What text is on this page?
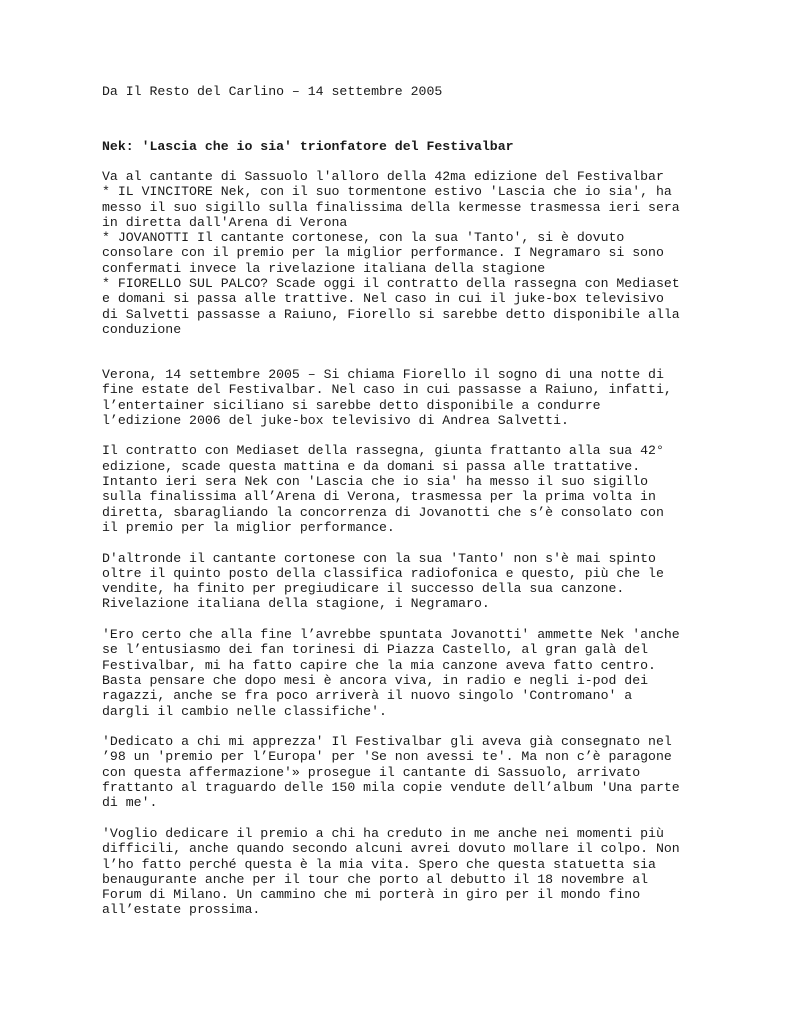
Da Il Resto del Carlino – 14 settembre 2005

Nek: 'Lascia che io sia' trionfatore del Festivalbar
Va al cantante di Sassuolo l'alloro della 42ma edizione del Festivalbar
* IL VINCITORE Nek, con il suo tormentone estivo 'Lascia che io sia', ha
messo il suo sigillo sulla finalissima della kermesse trasmessa ieri sera
in diretta dall'Arena di Verona
* JOVANOTTI Il cantante cortonese, con la sua 'Tanto', si è dovuto
consolare con il premio per la miglior performance. I Negramaro si sono
confermati invece la rivelazione italiana della stagione
* FIORELLO SUL PALCO? Scade oggi il contratto della rassegna con Mediaset
e domani si passa alle trattive. Nel caso in cui il juke-box televisivo
di Salvetti passasse a Raiuno, Fiorello si sarebbe detto disponibile alla
conduzione
Verona, 14 settembre 2005 – Si chiama Fiorello il sogno di una notte di
fine estate del Festivalbar. Nel caso in cui passasse a Raiuno, infatti,
l’entertainer siciliano si sarebbe detto disponibile a condurre
l’edizione 2006 del juke-box televisivo di Andrea Salvetti.
Il contratto con Mediaset della rassegna, giunta frattanto alla sua 42°
edizione, scade questa mattina e da domani si passa alle trattative.
Intanto ieri sera Nek con 'Lascia che io sia' ha messo il suo sigillo
sulla finalissima all’Arena di Verona, trasmessa per la prima volta in
diretta, sbaragliando la concorrenza di Jovanotti che s’è consolato con
il premio per la miglior performance.
D'altronde il cantante cortonese con la sua 'Tanto' non s'è mai spinto
oltre il quinto posto della classifica radiofonica e questo, più che le
vendite, ha finito per pregiudicare il successo della sua canzone.
Rivelazione italiana della stagione, i Negramaro.
'Ero certo che alla fine l’avrebbe spuntata Jovanotti' ammette Nek 'anche
se l’entusiasmo dei fan torinesi di Piazza Castello, al gran galà del
Festivalbar, mi ha fatto capire che la mia canzone aveva fatto centro.
Basta pensare che dopo mesi è ancora viva, in radio e negli i-pod dei
ragazzi, anche se fra poco arriverà il nuovo singolo 'Contromano' a
dargli il cambio nelle classifiche'.
'Dedicato a chi mi apprezza' Il Festivalbar gli aveva già consegnato nel
’98 un 'premio per l’Europa' per 'Se non avessi te'. Ma non c’è paragone
con questa affermazione'» prosegue il cantante di Sassuolo, arrivato
frattanto al traguardo delle 150 mila copie vendute dell’album 'Una parte
di me'.
'Voglio dedicare il premio a chi ha creduto in me anche nei momenti più
difficili, anche quando secondo alcuni avrei dovuto mollare il colpo. Non
l’ho fatto perché questa è la mia vita. Spero che questa statuetta sia
benaugurante anche per il tour che porto al debutto il 18 novembre al
Forum di Milano. Un cammino che mi porterà in giro per il mondo fino
all’estate prossima.
